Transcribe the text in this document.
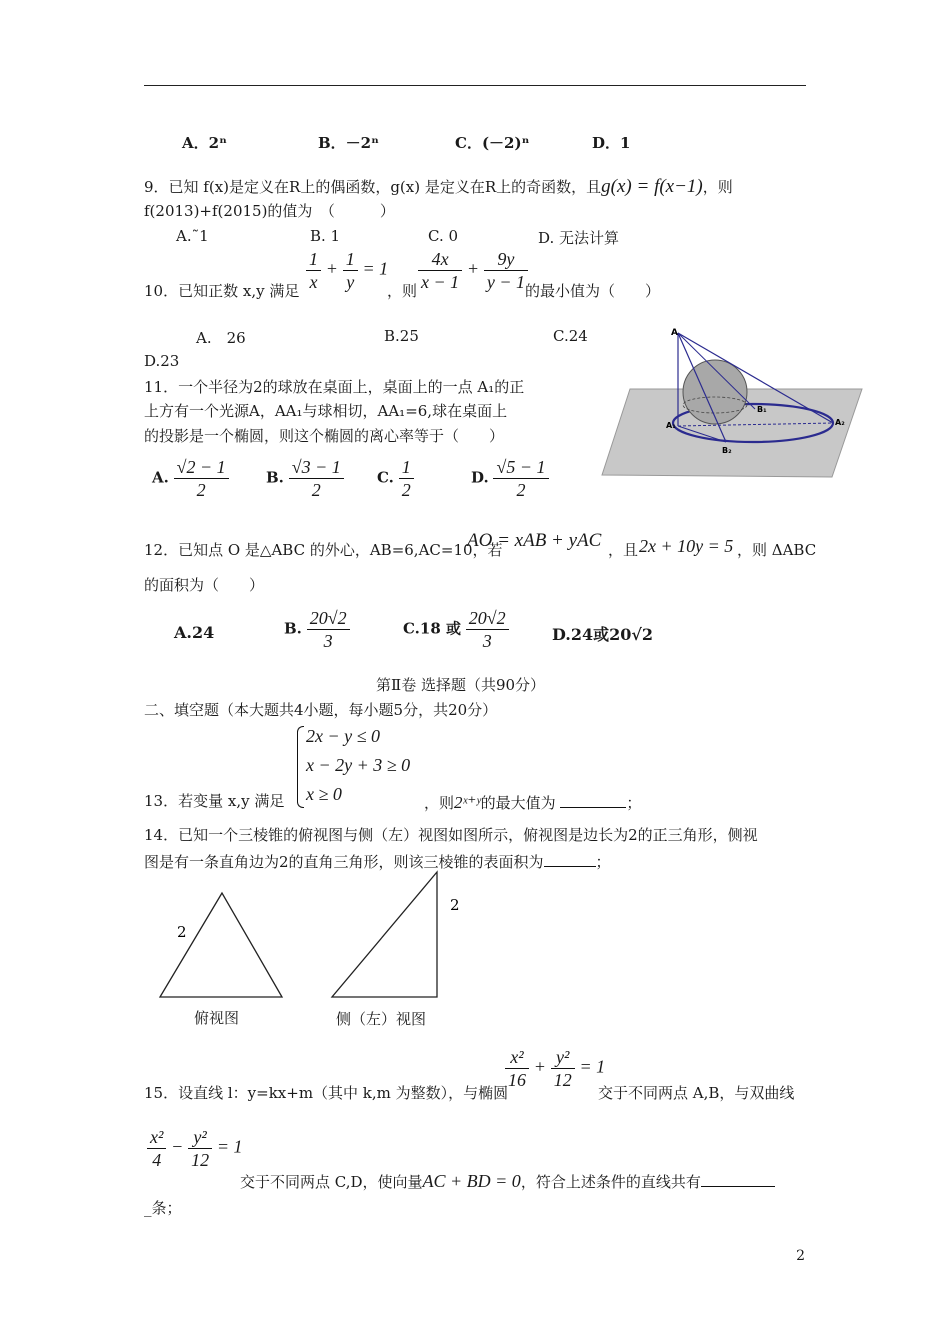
A．2ⁿ	B．－2ⁿ	C．(－2)ⁿ	D．1
9．已知 f(x)是定义在R上的偶函数，g(x) 是定义在R上的奇函数，且g(x) = f(x−1)，则
f(2013)+f(2015)的值为　（　　　）
A.˜1	B. 1	C. 0	D. 无法计算
10．已知正数 x,y 满足 $\frac{1}{x} + \frac{1}{y} = 1$
，则 $\frac{4x}{x - 1} + \frac{9y}{y - 1}$
的最小值为（　　）
A.　26	B.25	C.24
D.23
11．一个半径为2的球放在桌面上，桌面上的一点 A₁的正
上方有一个光源A，AA₁与球相切，AA₁=6,球在桌面上
的投影是一个椭圆，则这个椭圆的离心率等于（　　）
A. $\frac{√2 - 1}{2} B$. $\frac{√3 - 1}{2} C$. $\frac{1}{2}$	D. $\frac{√5 - 1}{2}$
A
A₁	A₂
B₁
B₂
12．已知点 O 是△ABC 的外心，AB=6,AC=10，若
AO = xAB + yAC ，且 2x + 10y = 5 ，则 ΔABC
的面积为（　　）
A.24	B. $\frac{20√2}{3}$	C.18 或 $\frac{20√2}{3}$	D.24或20√2
第Ⅱ卷 选择题（共90分）
二、填空题（本大题共4小题，每小题5分，共20分）
2x − y ≤ 0
x − 2y + 3 ≥ 0
x ≥ 0
13．若变量 x,y 满足	，则2ˣ⁺ʸ的最大值为	；
14．已知一个三棱锥的俯视图与侧（左）视图如图所示，俯视图是边长为2的正三角形，侧视
图是有一条直角边为2的直角三角形，则该三棱锥的表面积为	；
2
俯视图
2
侧（左）视图
15．设直线 l：y=kx+m（其中 k,m 为整数），与椭圆
$\frac{\text{x²}}{16} + \frac{\text{y²}}{12} = 1$
交于不同两点 A,B，与双曲线
$\frac{\text{x²}}{4} - \frac{\text{y²}}{12} = 1$
交于不同两点 C,D，使向量AC + BD = 0，符合上述条件的直线共有
_条；
2
